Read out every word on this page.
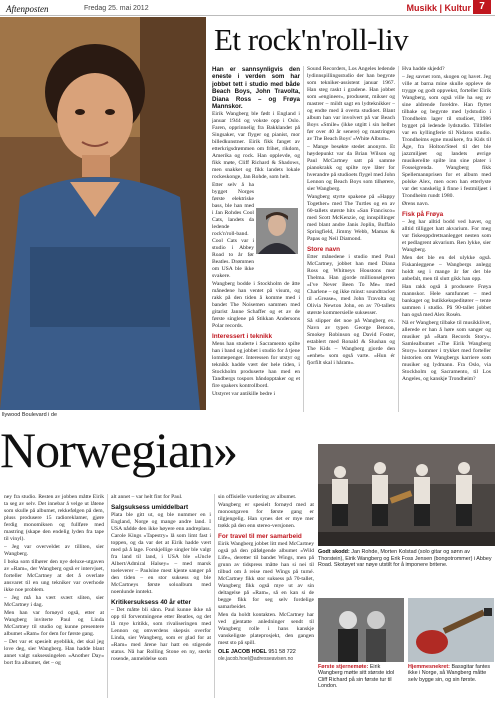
Aftenposten	Fredag 25. mai 2012	Musikk | Kultur 7
llywood Boulevard i de
Et rock'n'roll-liv

Han er sannsynligvis den eneste i verden som har jobbet tett i studio med både Beach Boys, John Travolta, Diana Ross – og Frøya Mannskor.

Eirik Wangberg ble født i England i januar 1944 og vokste opp i Oslo. Faren, opprinnelig fra Bakklandet på Singsaker, var flyger og pianist, mor billedkunstner. Eirik fikk fanget av etterkrigsdrømmen om frihet, rikdom, Amerika og rock. Han opplevde, og fikk møte, Cliff Richard & Shadows, men snakket og fikk landets lokale rockeskonge, Jan Rohde, som helt.

Etter selv å ha bygget Norges første elektriske bass, ble han med i Jan Rohdes Cool Cats, landets da ledende rock'n'roll-band. Cool Cats var i studio i Abbey Road to år før Beatles. Drømmen om USA ble ikke svakere.

Wangberg bodde i Stockholm de åtte månedene han ventet på visum, og rakk på den tiden å komme med i bandet The Noisemen sammen med gitarist Janne Schaffer og et av de første singlene på Stikkan Andersons Polar records.

Interessert i teknikk

Mens han studerte i Sacramento spilte han i band og jobbet i studio for å tjene lommepenger. Interessen for utstyr og teknikk hadde vært der hele tiden, i Stockholm produserte han med en Tandbergs tospors båndopptaker og et fire spakers kontrollbord.

Utstyret var antikille bedre i

Sound Recorders, Los Angeles ledende lydinnspillingsstudio der han begynte som tekniker-assistent januar 1967. Han steg raskt i gradene. Han jobbet som «engineer», produsent, mikser og mastrer – mildt sagt en lydteknikker – og endte med å overta studioet. Blant album han var involvert på var Beach Boys «Smile» (ikke utgitt i sin helhet før over 40 år senere) og mastringen av The Beach Boys' «White Album».

– Mange besøkte stedet anonym. Et høydepunkt var da Brian Wilson og Paul McCartney satt på samme pianokrakk og spilte nye låter for hverandre på studioets flygel med John Lennon og Beach Boys som tilhørere, sier Wangberg.

Wangberg styrte spakene på «Happy Together» med The Turtles og en av 60-tallets største hits «San Francisco» med Scott McKenzie, og innspillinger med blant andre Janis Joplin, Buffalo Springfield, Jimmy Webb, Mamas & Papas og Neil Diamond.

Store navn

Etter månedene i studio med Paul McCartney, jobbet han med Diana Ross og Whitneys Houstons mor Thelma. Han gjorde millionselgeren «I've Never Been To Me» med Charlene – og ikke minst: soundtracket til «Grease», med John Travolta og Olivia Newton John, en av 70-tallets største kommersielle suksesser.

Så slipper det noe på Wangberg ex. Navn av typen George Benson, Smokey Robinson og David Foster, establert med Ronald & Slushan og The Kids – Wangberg gjorde den «enhet» som også varte. «Hun ér fjorfilt skal i håram».

Hva hadde skjedd?

– Jeg savnet rom, skogen og havet. Jeg ville at barna mine skulle oppleve de trygge og godt oppvekst, forteller Eirik Wangberg, som også ville ha seg av sine aldrende foreldre. Han flyttet tilbake og begynte med lydstudio i Trondheim lager til studioet, 1986 bygget på ledende lydstudio. Tilfellet var en kyllingferie til Nidaros studio. Trondheims egne musikere, fra Kids til Åge, fra Holton/Steel til det ble jazzmiljøet og landets øvrige musikerelite spilte inn sine plater i Fosseigrenda. Wangberg fikk Spellemannprisen for et album med polske Alex, men ocen han etterlyste var det vanskelig å finne i festmiljøet i Trondheim rundt 1980.

Ørens navn.

Fisk på Frøya

– Jeg har alltid bodd ved havet, og alltid tilligget hatt akvarium. For meg var fiskeoppdrettsanlegget nesten som et pedlagrent akvarium. Ren lykke, sier Wangberg.

Men det ble en del ulykke også. Fiskanleggene – Wangbergs anlegg holdt seg i mange år før det ble anbefalt, men til slutt gikk han opp.

Han rakk også å produsere Frøya mannskor. Hele samfunnet – med bankaget og butikkekspeditører – tente sammen i studio. På 90-tallet jobbet han også med Alex Rosén.

Nå er Wangberg tilbake til musikklivet, allerede er han å høre som sanger og musiker på «Ram Records Story». Samlealbumet «The Eirik Wangberg Story» kommer i trykket med forteller historien om Wangbergs karriere som musiker og lydmann. Fra Oslo, via Stockholm og Sacramento, til Los Angeles, og kanskje Trondheim?

Norwegian»

ney fra studio. Resten av jobben måtte Eirik ta seg av selv. Det innebar å velge ut låtene som skulle på albumet, rekkefølgen på dem, pluss produsere 15 radioreklamer, gjøre ferdig monomiksen og fullføre med mastring (skape den endelig lyden fra tape til vinyl).

– Jeg var overveldet av tilliten, sier Wangberg.

I boka som tilhører den nye deluxe-utgaven av «Ram», der Wangberg også er intervjuet, forteller McCartney at det å overlate ansvaret til en ung tekniker var overhode ikke noe problem.

– Jeg må ha vært svært sliten, sier McCartney i dag.

Men han var fornøyd også, etter at Wangberg inviterte Paul og Linda McCartney til studio og kunne presentere albumet «Ram» for dem for første gang.

– Det var et spesielt øyeblikk, det skal jeg love deg, sier Wangberg. Han hadde blant annet valgt suksessingelen «Another Day» bort fra albumet, det – og

alt annet – var helt fint for Paul.

Salgsuksess umiddelbart

Plata ble gitt ut, og ble nummer en i England, Norge og mange andre land. I USA nådde den ikke høyere enn andreplass. Carole Kings «Tapestry» lå som limt fast i toppen, og da var det at Eirik hadde vært med på å lage. Forskjellige singler ble valgt fra land til land, i USA ble «Uncle Albert/Admiral Halsey» – med marsk toeleverer – Paulsine mest kjente sanger på den tiden – en stor suksess og ble McCartneys første soloalbum med noenlunde inntekt.

Kritikersuksess 40 år etter

– Det måtte bli sånn. Paul kunne ikke nå opp til forventningene etter Beatles, og det lå mye kritikk, som rivaliseringen med Lennon og omverdens skepsis overfor Linda, sier Wangberg, som er glad for at «Ram» med årene har hatt en stigende status. Nå har Rolling Stone en ny, sterkt rosende, anmeldelse som

sin offisielle vurdering av albumet.

Wangberg er spesielt fornøyd med at monoutgaven for første gang er tilgjengelig. Han synes det er mye mer trøkk på den enn stereo-versjonen.

For travel til mer samarbeid

Eirik Wangberg jobbet litt med McCartney også på den påfølgende albumet «Wild Life», deretter til bandet Wings, men på grunn av tidspress måtte han si nei til tilbud om å reise med Wings på turné. McCartney fikk stor suksess på 70-tallet, Wangberg fikk også mye ut av sin deltagelse på «Ram», så en kan si de begge fikk for seg selv fordelige samarbeidet.

Men da holdt kontakten. McCartney har ved gjentatte anledninger sendt til Wangberg rolle i hans kanskje vanskeligste plateprosjekt, den gangen mest sto på spill.

OLE JACOB HOEL 951 58 722
ole.jacob.hoel@adresseavisen.no
Godt skodd: Jan Rohde, Morten Kolstad (solo gitar og sønn av Thorstein), Eirik Wangberg og Erik Foss Jensen (bongotrommer) i Abbey Road. Skotøyet var nøye utstilt for å imponere britene.
Første stjernemøte: Eirik Wangberg møtte sitt største idol Cliff Richard på sin første tur til London.
Hjemmesnekret: Bassgitar fantes ikke i Norge, så Wangberg måtte selv bygge sin, og sin første.
